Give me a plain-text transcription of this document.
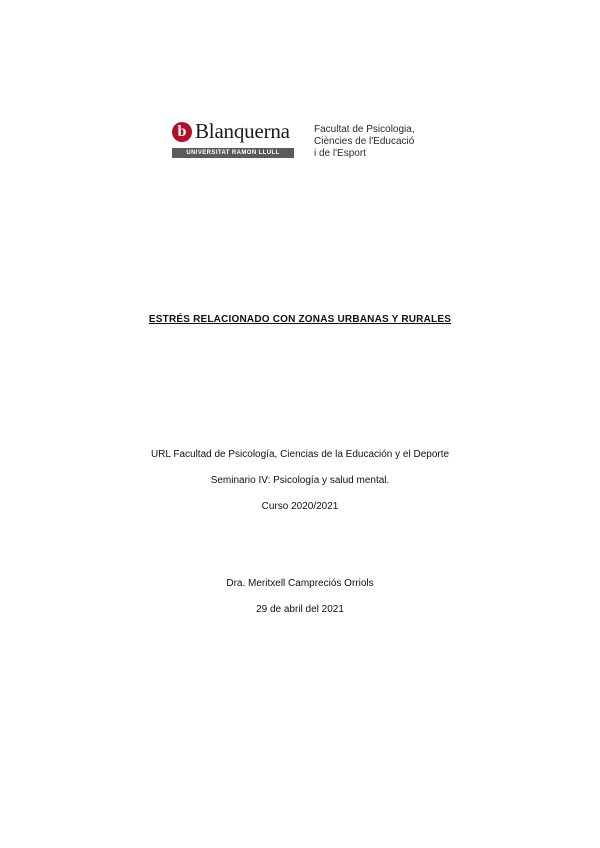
b Blanquerna
UNIVERSITAT RAMON LLULL
Facultat de Psicologia,
Ciències de l'Educació
i de l'Esport
ESTRÉS RELACIONADO CON ZONAS URBANAS Y RURALES
URL Facultad de Psicología, Ciencias de la Educación y el Deporte
Seminario IV: Psicología y salud mental.
Curso 2020/2021
Dra. Meritxell Campreciós Orriols
29 de abril del 2021
